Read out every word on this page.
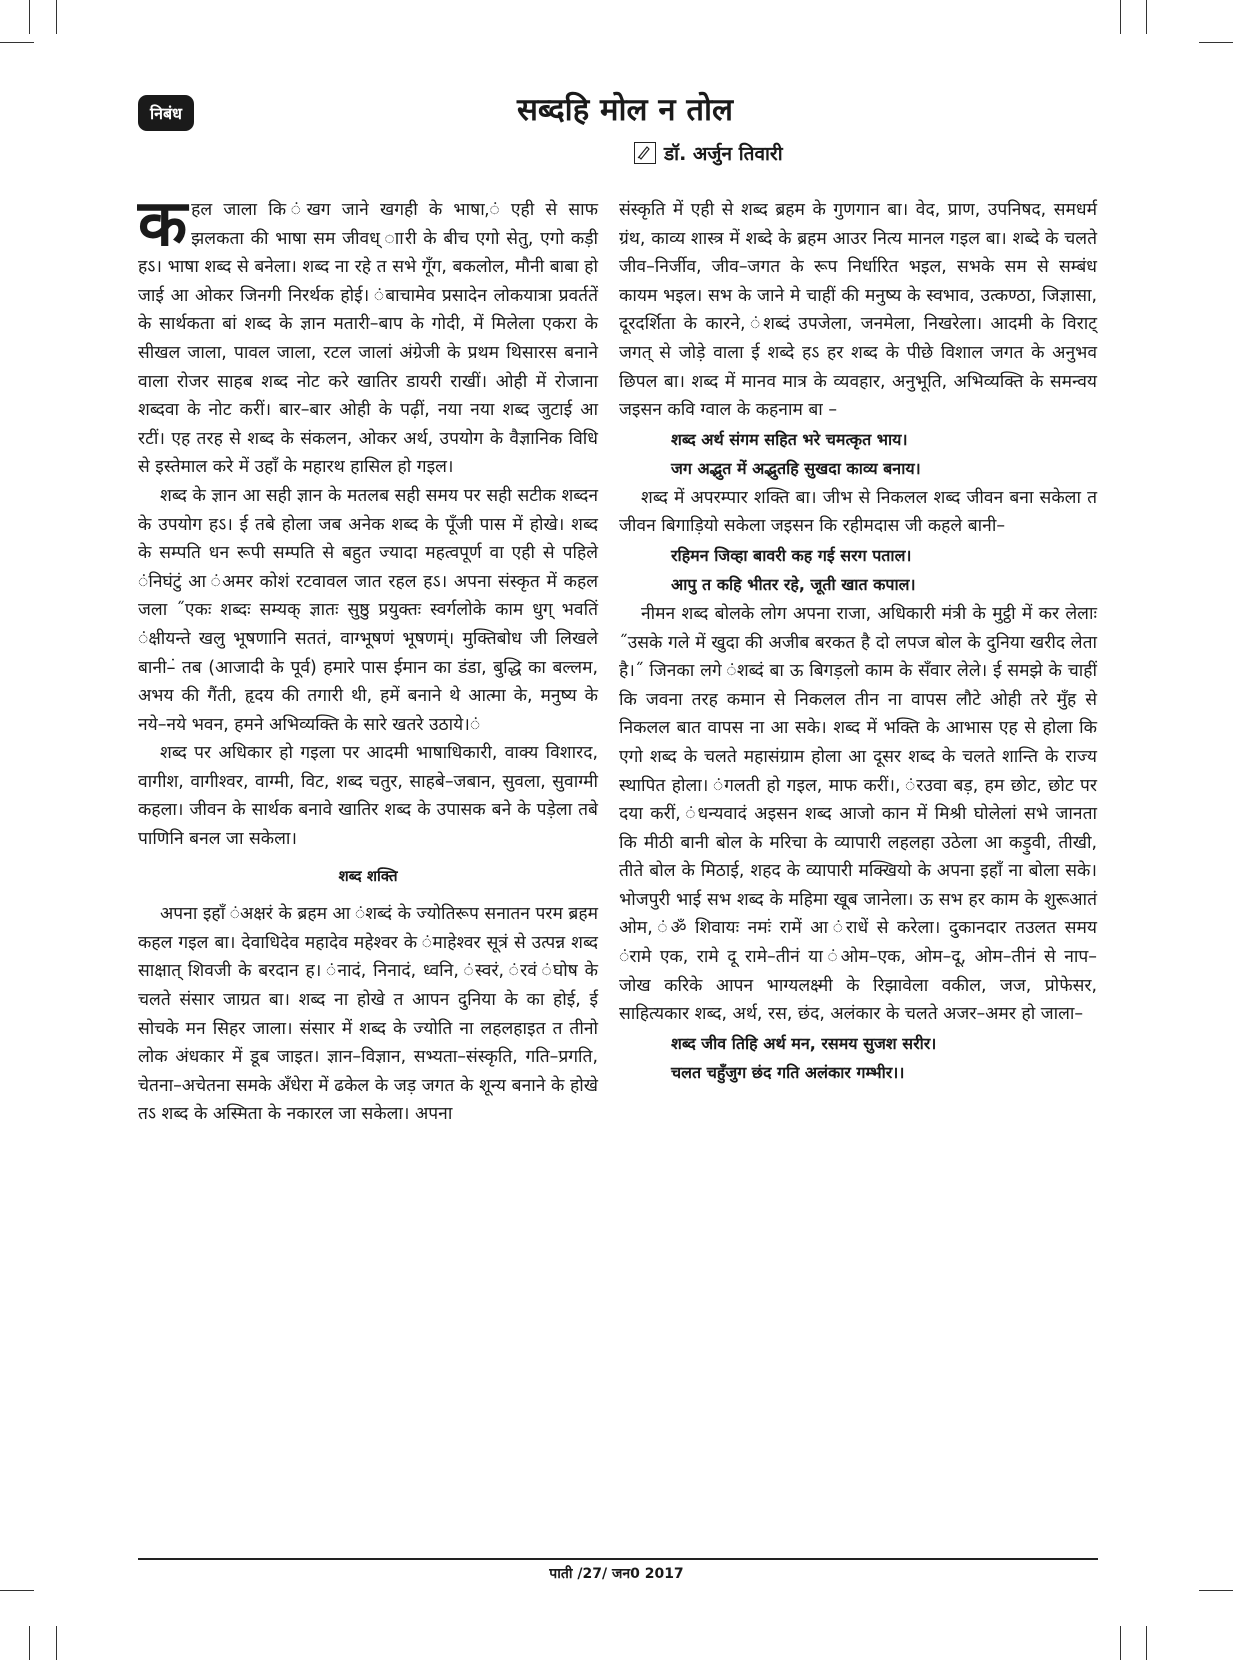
निबंध	सब्दहि मोल न तोल
डॉ. अर्जुन तिवारी

कहल जाला कि ंखग जाने खगही के भाषा,ं एही से साफ झलकता की भाषा सम जीवध् ाारी के बीच एगो सेतु, एगो कड़ी हऽ। भाषा शब्द से बनेला। शब्द ना रहे त सभे गूँग, बकलोल, मौनी बाबा हो जाई आ ओकर जिनगी निरर्थक होई। ंबाचामेव प्रसादेन लोकयात्रा प्रवर्ततें के सार्थकता बां शब्द के ज्ञान मतारी–बाप के गोदी, में मिलेला एकरा के सीखल जाला, पावल जाला, रटल जालां अंग्रेजी के प्रथम थिसारस बनाने वाला रोजर साहब शब्द नोट करे खातिर डायरी राखीं। ओही में रोजाना शब्दवा के नोट करीं। बार–बार ओही के पढ़ीं, नया नया शब्द जुटाई आ रटीं। एह तरह से शब्द के संकलन, ओकर अर्थ, उपयोग के वैज्ञानिक विधि से इस्तेमाल करे में उहाँ के महारथ हासिल हो गइल।

शब्द के ज्ञान आ सही ज्ञान के मतलब सही समय पर सही सटीक शब्दन के उपयोग हऽ। ई तबे होला जब अनेक शब्द के पूँजी पास में होखे। शब्द के सम्पति धन रूपी सम्पति से बहुत ज्यादा महत्वपूर्ण वा एही से पहिले ंनिघंटुं आ ंअमर कोशं रटवावल जात रहल हऽ। अपना संस्कृत में कहल जला ˝एकः शब्दः सम्यक् ज्ञातः सुष्ठु प्रयुक्तः स्वर्गलोके काम धुग् भवतिं ंक्षीयन्ते खलु भूषणानि सततं, वाग्भूषणं भूषणम्ं। मुक्तिबोध जी लिखले बानी–ं तब (आजादी के पूर्व) हमारे पास ईमान का डंडा, बुद्धि का बल्लम, अभय की गैंती, हृदय की तगारी थी, हमें बनाने थे आत्मा के, मनुष्य के नये–नये भवन, हमने अभिव्यक्ति के सारे खतरे उठाये।ं

शब्द पर अधिकार हो गइला पर आदमी भाषाधिकारी, वाक्य विशारद, वागीश, वागीश्वर, वाग्मी, विट, शब्द चतुर, साहबे–जबान, सुवला, सुवाग्मी कहला। जीवन के सार्थक बनावे खातिर शब्द के उपासक बने के पड़ेला तबे पाणिनि बनल जा सकेला।

शब्द शक्ति

अपना इहाँ ंअक्षरं के ब्रहम आ ंशब्दं के ज्योतिरूप सनातन परम ब्रहम कहल गइल बा। देवाधिदेव महादेव महेश्वर के ंमाहेश्वर सूत्रं से उत्पन्न शब्द साक्षात् शिवजी के बरदान ह। ंनादं, निनादं, ध्वनि, ंस्वरं, ंरवं ंघोष के चलते संसार जाग्रत बा। शब्द ना होखे त आपन दुनिया के का होई, ई सोचके मन सिहर जाला। संसार में शब्द के ज्योति ना लहलहाइत त तीनो लोक अंधकार में डूब जाइत। ज्ञान–विज्ञान, सभ्यता–संस्कृति, गति–प्रगति, चेतना–अचेतना समके अँधेरा में ढकेल के जड़ जगत के शून्य बनाने के होखे तऽ शब्द के अस्मिता के नकारल जा सकेला। अपना

संस्कृति में एही से शब्द ब्रहम के गुणगान बा। वेद, प्राण, उपनिषद, समधर्म ग्रंथ, काव्य शास्त्र में शब्दे के ब्रहम आउर नित्य मानल गइल बा। शब्दे के चलते जीव–निर्जीव, जीव–जगत के रूप निर्धारित भइल, सभके सम से सम्बंध कायम भइल। सभ के जाने मे चाहीं की मनुष्य के स्वभाव, उत्कण्ठा, जिज्ञासा, दूरदर्शिता के कारने, ंशब्दं उपजेला, जनमेला, निखरेला। आदमी के विराट् जगत् से जोड़े वाला ई शब्दे हऽ हर शब्द के पीछे विशाल जगत के अनुभव छिपल बा। शब्द में मानव मात्र के व्यवहार, अनुभूति, अभिव्यक्ति के समन्वय जइसन कवि ग्वाल के कहनाम बा –

शब्द अर्थ संगम सहित भरे चमत्कृत भाय।

जग अद्भुत में अद्भुतहि सुखदा काव्य बनाय।

शब्द में अपरम्पार शक्ति बा। जीभ से निकलल शब्द जीवन बना सकेला त जीवन बिगाड़ियो सकेला जइसन कि रहीमदास जी कहले बानी–

रहिमन जिव्हा बावरी कह गई सरग पताल।

आपु त कहि भीतर रहे, जूती खात कपाल।

नीमन शब्द बोलके लोग अपना राजा, अधिकारी मंत्री के मुट्ठी में कर लेलाः ˝उसके गले में खुदा की अजीब बरकत है दो लपज बोल के दुनिया खरीद लेता है।˝ जिनका लगे ंशब्दं बा ऊ बिगड़लो काम के सँवार लेले। ई समझे के चाहीं कि जवना तरह कमान से निकलल तीन ना वापस लौटे ओही तरे मुँह से निकलल बात वापस ना आ सके। शब्द में भक्ति के आभास एह से होला कि एगो शब्द के चलते महासंग्राम होला आ दूसर शब्द के चलते शान्ति के राज्य स्थापित होला। ंगलती हो गइल, माफ करीं।, ंरउवा बड़, हम छोट, छोट पर दया करीं, ंधन्यवादं अइसन शब्द आजो कान में मिश्री घोलेलां सभे जानता कि मीठी बानी बोल के मरिचा के व्यापारी लहलहा उठेला आ कड़ुवी, तीखी, तीते बोल के मिठाई, शहद के व्यापारी मक्खियो के अपना इहाँ ना बोला सके। भोजपुरी भाई सभ शब्द के महिमा खूब जानेला। ऊ सभ हर काम के शुरूआतं ओम, ंॐ शिवायः नमःं रामें आ ंराधें से करेला। दुकानदार तउलत समय ंरामे एक, रामे दू रामे–तीनं या ंओम–एक, ओम–दू, ओम–तीनं से नाप–जोख करिके आपन भाग्यलक्ष्मी के रिझावेला वकील, जज, प्रोफेसर, साहित्यकार शब्द, अर्थ, रस, छंद, अलंकार के चलते अजर–अमर हो जाला–

शब्द जीव तिहि अर्थ मन, रसमय सुजश सरीर।

चलत चहुँजुग छंद गति अलंकार गम्भीर।।

पाती /27/ जन0 2017
